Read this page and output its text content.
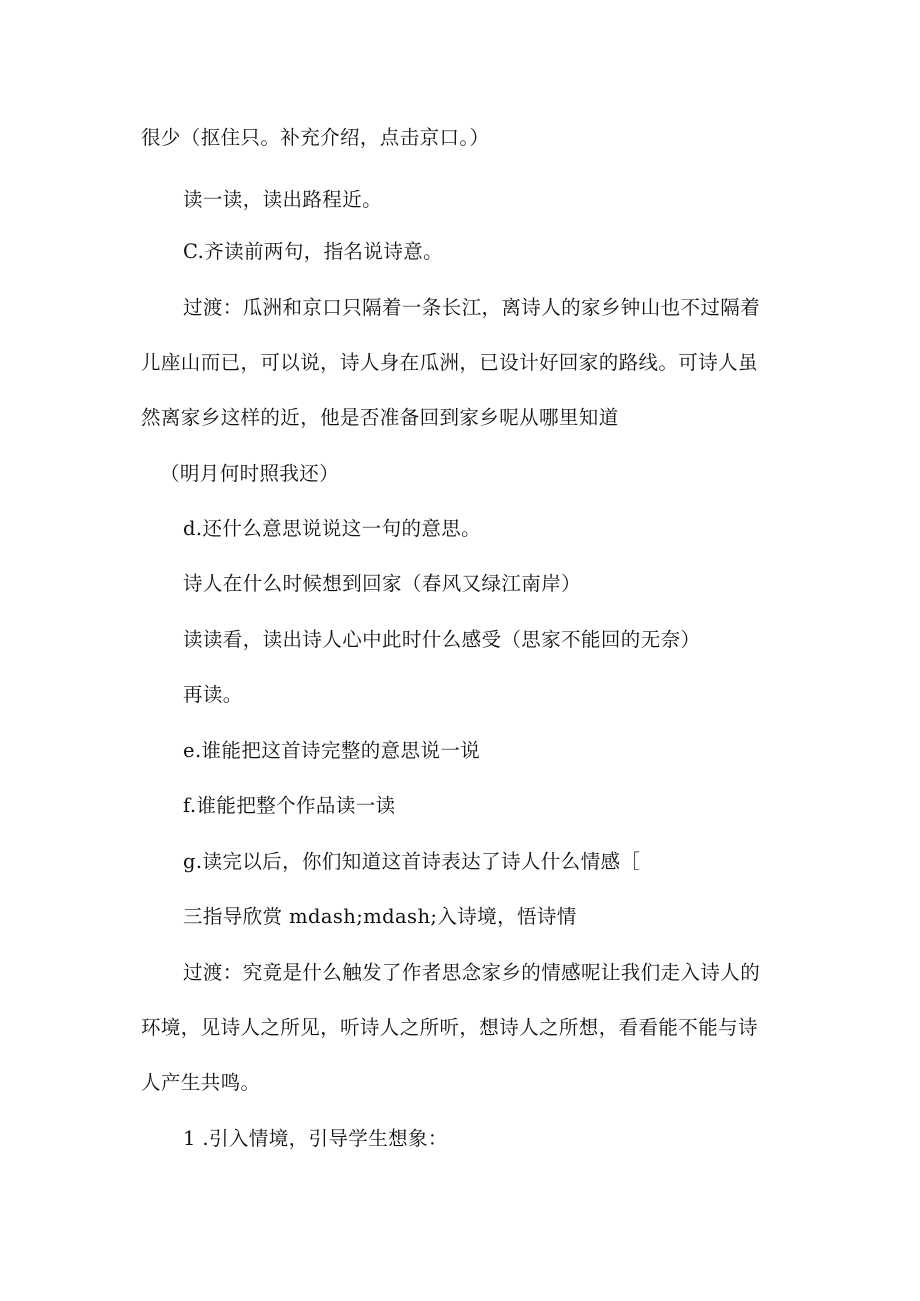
很少（抠住只。补充介绍，点击京口。）
读一读，读出路程近。
C.齐读前两句，指名说诗意。
过渡：瓜洲和京口只隔着一条长江，离诗人的家乡钟山也不过隔着
儿座山而已，可以说，诗人身在瓜洲，已设计好回家的路线。可诗人虽
然离家乡这样的近，他是否准备回到家乡呢从哪里知道
（明月何时照我还）
d.还什么意思说说这一句的意思。
诗人在什么时候想到回家（春风又绿江南岸）
读读看，读出诗人心中此时什么感受（思家不能回的无奈）
再读。
e.谁能把这首诗完整的意思说一说
f.谁能把整个作品读一读
g.读完以后，你们知道这首诗表达了诗人什么情感［
三指导欣赏 mdash;mdash;入诗境，悟诗情
过渡：究竟是什么触发了作者思念家乡的情感呢让我们走入诗人的
环境，见诗人之所见，听诗人之所听，想诗人之所想，看看能不能与诗
人产生共鸣。
1 .引入情境，引导学生想象：
